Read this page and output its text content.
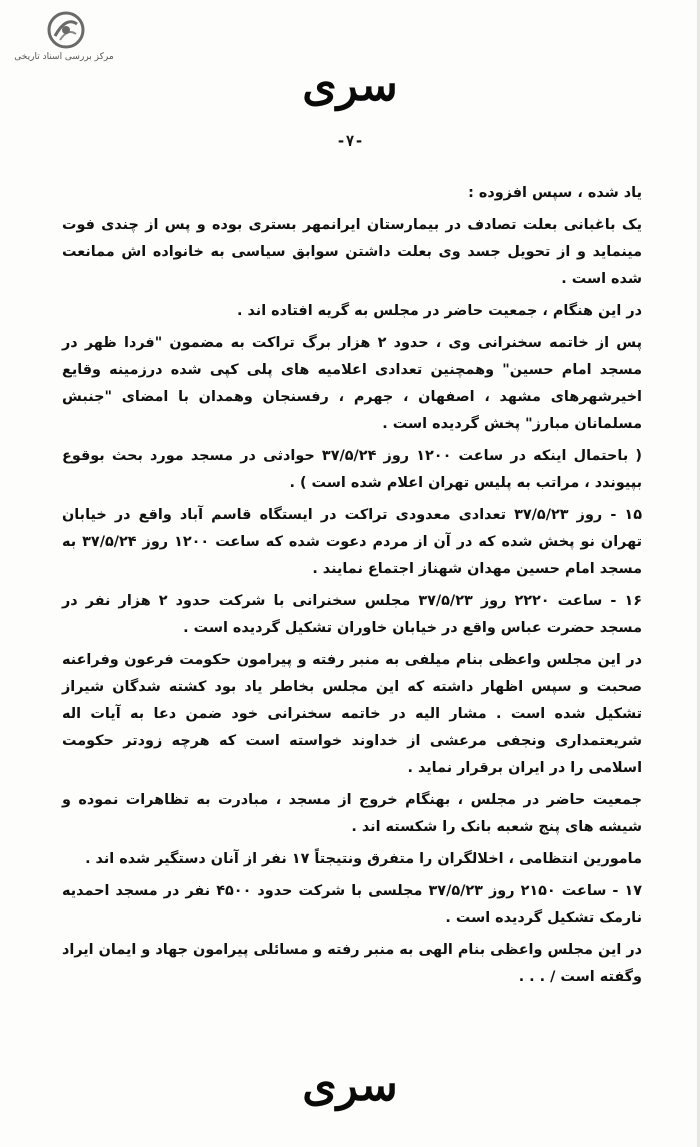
مرکز بررسی اسناد تاریخی
سری
-۷-

یاد شده ، سپس افزوده :

یک باغبانی بعلت تصادف در بیمارستان ایرانمهر بستری بوده و پس از چندی فوت مینماید و از تحویل جسد وی بعلت داشتن سوابق سیاسی به خانواده اش ممانعت شده است .

در این هنگام ، جمعیت حاضر در مجلس به گریه افتاده اند .

پس از خاتمه سخنرانی وی ، حدود ۲ هزار برگ تراکت به مضمون "فردا ظهر در مسجد امام حسین" وهمچنین تعدادی اعلامیه های پلی کپی شده درزمینه وقایع اخیرشهرهای مشهد ، اصفهان ، جهرم ، رفسنجان وهمدان با امضای "جنبش مسلمانان مبارز" پخش گردیده است .

( باحتمال اینکه در ساعت ۱۲۰۰ روز ۳۷/۵/۲۴ حوادثی در مسجد مورد بحث بوقوع بپیوندد ، مراتب به پلیس تهران اعلام شده است ) .

۱۵ - روز ۳۷/۵/۲۳ تعدادی معدودی تراکت در ایستگاه قاسم آباد واقع در خیابان تهران نو پخش شده که در آن از مردم دعوت شده که ساعت ۱۲۰۰ روز ۳۷/۵/۲۴ به مسجد امام حسین مهدان شهناز اجتماع نمایند .

۱۶ - ساعت ۲۲۲۰ روز ۳۷/۵/۲۳ مجلس سخنرانی با شرکت حدود ۲ هزار نفر در مسجد حضرت عباس واقع در خیابان خاوران تشکیل گردیده است .

در این مجلس واعظی بنام میلفی به منبر رفته و پیرامون حکومت فرعون وفراعنه صحبت و سپس اظهار داشته که این مجلس بخاطر یاد بود کشته شدگان شیراز تشکیل شده است . مشار الیه در خاتمه سخنرانی خود ضمن دعا به آیات اله شریعتمداری ونجفی مرعشی از خداوند خواسته است که هرچه زودتر حکومت اسلامی را در ایران برقرار نماید .

جمعیت حاضر در مجلس ، بهنگام خروج از مسجد ، مبادرت به تظاهرات نموده و شیشه های پنج شعبه بانک را شکسته اند .

مامورین انتظامی ، اخلالگران را متفرق ونتیجتاً ۱۷ نفر از آنان دستگیر شده اند .

۱۷ - ساعت ۲۱۵۰ روز ۳۷/۵/۲۳ مجلسی با شرکت حدود ۴۵۰۰ نفر در مسجد احمدیه نارمک تشکیل گردیده است .

در این مجلس واعظی بنام الهی به منبر رفته و مسائلی پیرامون جهاد و ایمان ایراد وگفته است / . . .

سری
